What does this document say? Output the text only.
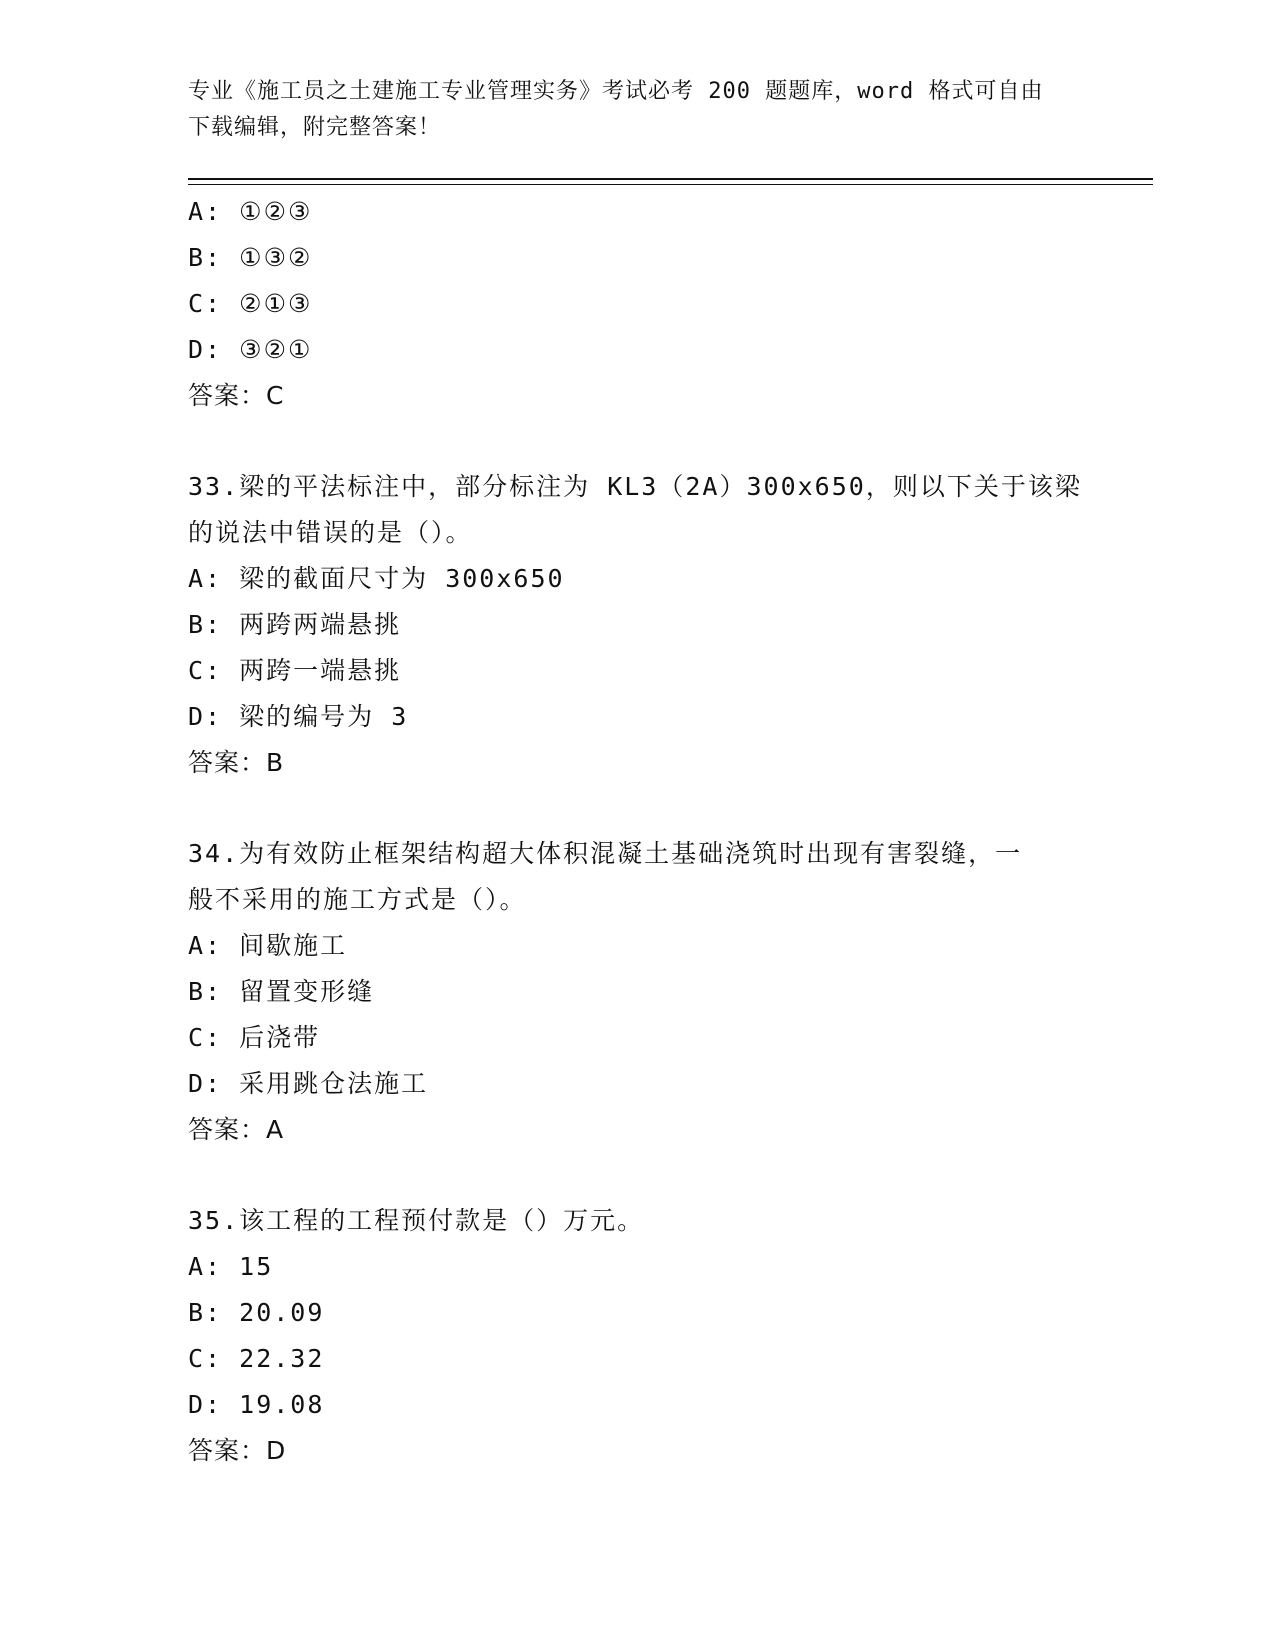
专业《施工员之土建施工专业管理实务》考试必考 200 题题库，word 格式可自由
下载编辑，附完整答案！
A: ①②③
B: ①③②
C: ②①③
D: ③②①
答案：C
33.梁的平法标注中，部分标注为 KL3（2A）300x650，则以下关于该梁
的说法中错误的是（）。
A: 梁的截面尺寸为 300x650
B: 两跨两端悬挑
C: 两跨一端悬挑
D: 梁的编号为 3
答案：B
34.为有效防止框架结构超大体积混凝土基础浇筑时出现有害裂缝，一
般不采用的施工方式是（）。
A: 间歇施工
B: 留置变形缝
C: 后浇带
D: 采用跳仓法施工
答案：A
35.该工程的工程预付款是（）万元。
A: 15
B: 20.09
C: 22.32
D: 19.08
答案：D
